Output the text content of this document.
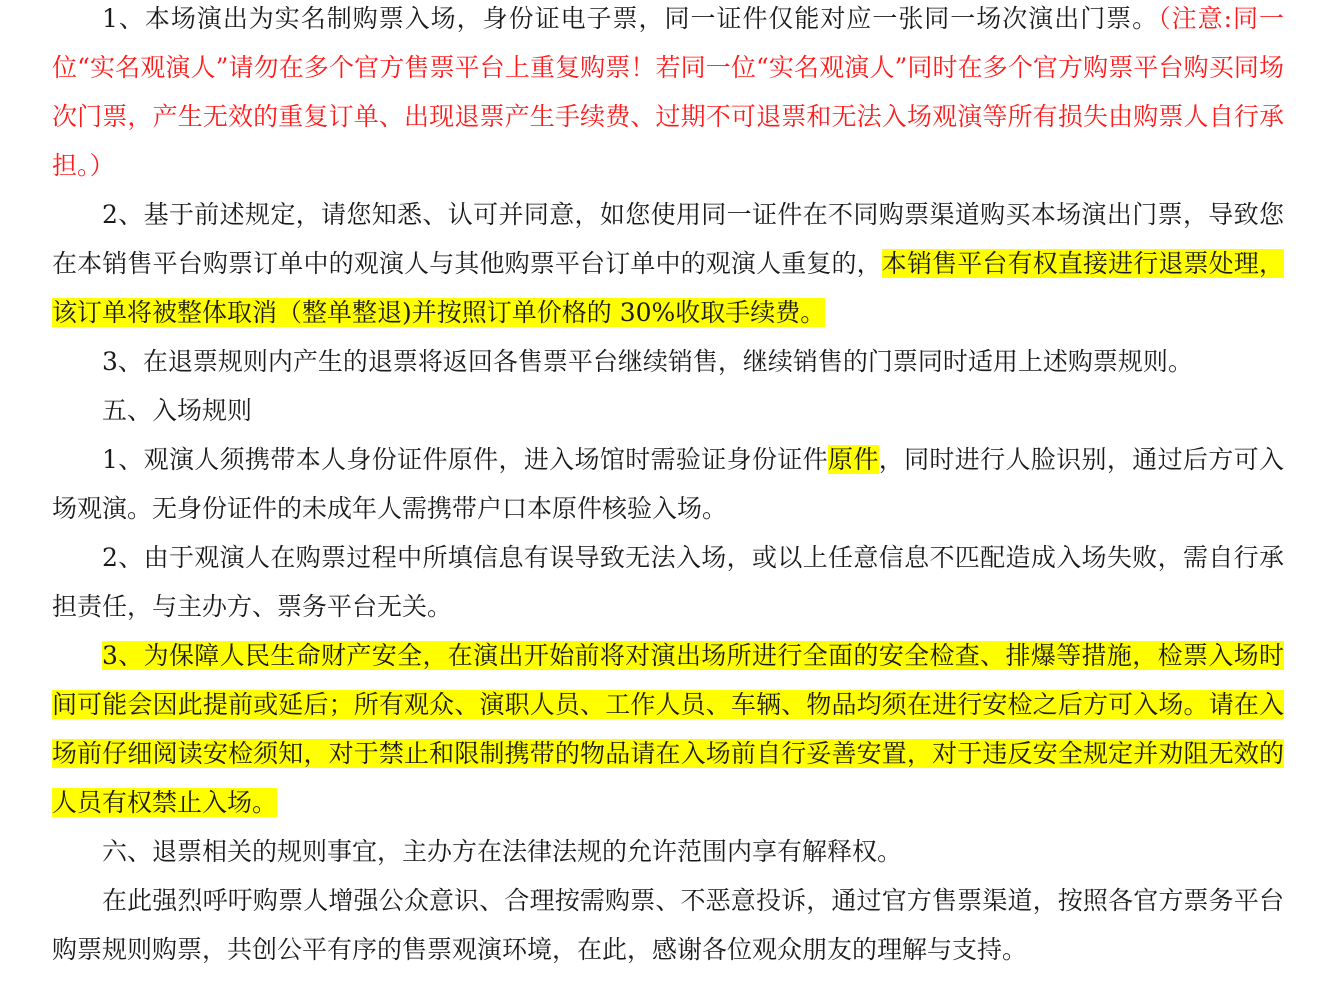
1、本场演出为实名制购票入场，身份证电子票，同一证件仅能对应一张同一场次演出门票。（注意:同一位“实名观演人”请勿在多个官方售票平台上重复购票！若同一位“实名观演人”同时在多个官方购票平台购买同场次门票，产生无效的重复订单、出现退票产生手续费、过期不可退票和无法入场观演等所有损失由购票人自行承担。）

2、基于前述规定，请您知悉、认可并同意，如您使用同一证件在不同购票渠道购买本场演出门票，导致您在本销售平台购票订单中的观演人与其他购票平台订单中的观演人重复的，本销售平台有权直接进行退票处理，该订单将被整体取消（整单整退)并按照订单价格的 30%收取手续费。

3、在退票规则内产生的退票将返回各售票平台继续销售，继续销售的门票同时适用上述购票规则。

五、入场规则

1、观演人须携带本人身份证件原件，进入场馆时需验证身份证件原件，同时进行人脸识别，通过后方可入场观演。无身份证件的未成年人需携带户口本原件核验入场。

2、由于观演人在购票过程中所填信息有误导致无法入场，或以上任意信息不匹配造成入场失败，需自行承担责任，与主办方、票务平台无关。

3、为保障人民生命财产安全，在演出开始前将对演出场所进行全面的安全检查、排爆等措施，检票入场时间可能会因此提前或延后；所有观众、演职人员、工作人员、车辆、物品均须在进行安检之后方可入场。请在入场前仔细阅读安检须知，对于禁止和限制携带的物品请在入场前自行妥善安置，对于违反安全规定并劝阻无效的人员有权禁止入场。

六、退票相关的规则事宜，主办方在法律法规的允许范围内享有解释权。

在此强烈呼吁购票人增强公众意识、合理按需购票、不恶意投诉，通过官方售票渠道，按照各官方票务平台购票规则购票，共创公平有序的售票观演环境，在此，感谢各位观众朋友的理解与支持。
